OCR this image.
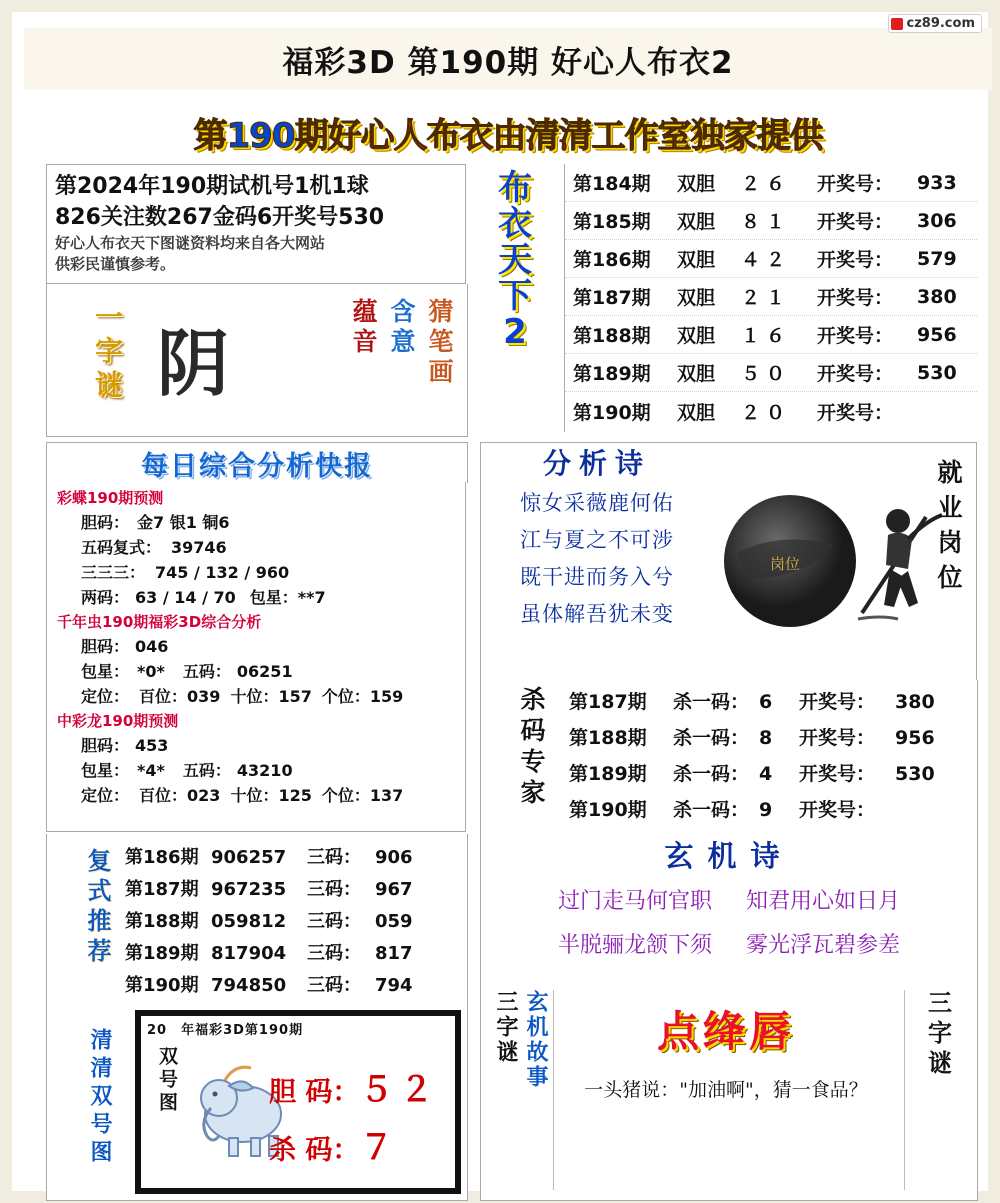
cz89.com
福彩3D 第190期 好心人布衣2
第190期好心人布衣由清清工作室独家提供
第2024年190期试机号1机1球
826关注数267金码6开奖号530
好心人布衣天下图谜资料均来自各大网站
供彩民谨慎参考。
一字谜 阴	猜笔画
含意
蕴音
布
衣
天
下
2
第184期	双胆	２６	开奖号：	933
第185期	双胆	８１	开奖号：	306
第186期	双胆	４２	开奖号：	579
第187期	双胆	２１	开奖号：	380
第188期	双胆	１６	开奖号：	956
第189期	双胆	５０	开奖号：	530
第190期	双胆	２０	开奖号：
每日综合分析快报
彩蝶190期预测
胆码： 金7 银1 铜6
五码复式： 39746
三三三： 745 / 132 / 960
两码： 63 / 14 / 70 包星：**7
千年虫190期福彩3D综合分析
胆码： 046
包星： *0* 五码： 06251
定位： 百位：039 十位：157 个位：159
中彩龙190期预测
胆码： 453
包星： *4* 五码： 43210
定位： 百位：023 十位：125 个位：137
复式推荐 第186期 906257 三码： 906
第187期 967235 三码： 967
第188期 059812 三码： 059
第189期 817904 三码： 817
第190期 794850 三码： 794
清清双号图	20　年福彩3D第190期
双号图	胆 码：５２
杀 码：７
分析诗
惊女采薇鹿何佑
江与夏之不可涉
既干进而务入兮
虽体解吾犹未变
岗位	就业岗位
杀码专家 第187期 杀一码： 6 开奖号： 380
第188期 杀一码： 8 开奖号： 956
第189期 杀一码： 4 开奖号： 530
第190期 杀一码： 9 开奖号：
玄机诗
过门走马何官职 知君用心如日月
半脱骊龙颔下须 雾光浮瓦碧参差
三字谜 玄机故事	点绛唇
一头猪说："加油啊"，猜一食品？
三字谜
